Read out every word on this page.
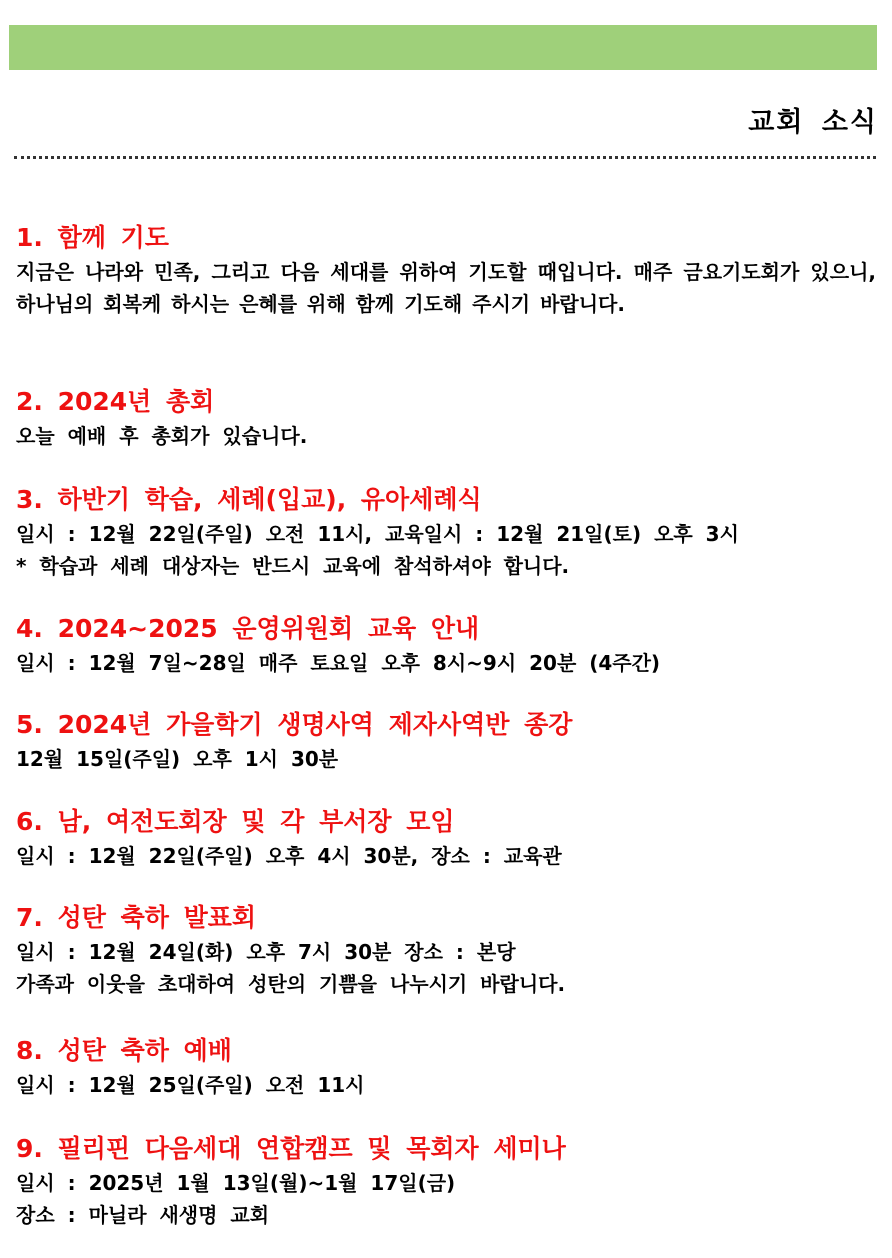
교회 소식
1. 함께 기도

지금은 나라와 민족, 그리고 다음 세대를 위하여 기도할 때입니다. 매주 금요기도회가 있으니, 하나님의 회복케 하시는 은혜를 위해 함께 기도해 주시기 바랍니다.

2. 2024년 총회
오늘 예배 후 총회가 있습니다.
3. 하반기 학습, 세례(입교), 유아세례식
일시 : 12월 22일(주일) 오전 11시, 교육일시 : 12월 21일(토) 오후 3시
* 학습과 세례 대상자는 반드시 교육에 참석하셔야 합니다.
4. 2024~2025 운영위원회 교육 안내
일시 : 12월 7일~28일 매주 토요일 오후 8시~9시 20분 (4주간)
5. 2024년 가을학기 생명사역 제자사역반 종강
12월 15일(주일) 오후 1시 30분
6. 남, 여전도회장 및 각 부서장 모임
일시 : 12월 22일(주일) 오후 4시 30분, 장소 : 교육관
7. 성탄 축하 발표회
일시 : 12월 24일(화) 오후 7시 30분 장소 : 본당
가족과 이웃을 초대하여 성탄의 기쁨을 나누시기 바랍니다.
8. 성탄 축하 예배
일시 : 12월 25일(주일) 오전 11시
9. 필리핀 다음세대 연합캠프 및 목회자 세미나
일시 : 2025년 1월 13일(월)~1월 17일(금)
장소 : 마닐라 새생명 교회
